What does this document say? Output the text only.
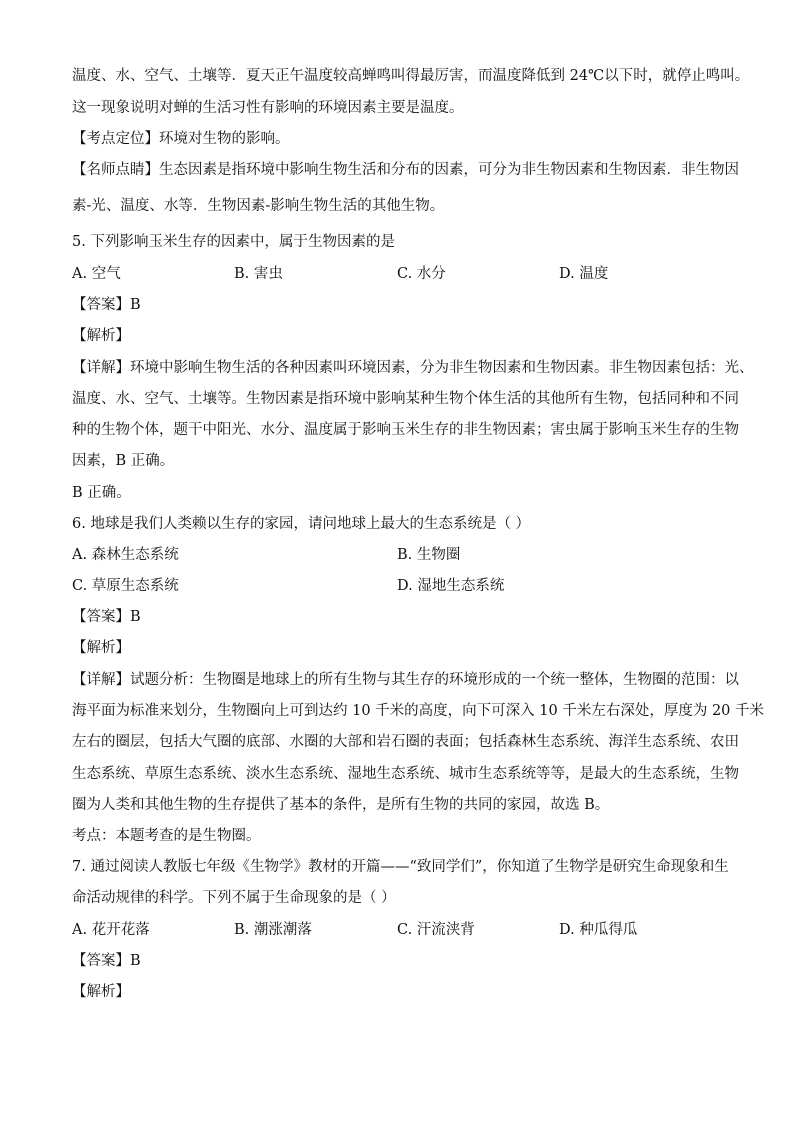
温度、水、空气、土壤等．夏天正午温度较高蝉鸣叫得最厉害，而温度降低到 24℃以下时，就停止鸣叫。
这一现象说明对蝉的生活习性有影响的环境因素主要是温度。
【考点定位】环境对生物的影响。
【名师点睛】生态因素是指环境中影响生物生活和分布的因素，可分为非生物因素和生物因素．非生物因
素-光、温度、水等．生物因素-影响生物生活的其他生物。
5. 下列影响玉米生存的因素中，属于生物因素的是
A. 空气	B. 害虫	C. 水分	D. 温度
【答案】B
【解析】
【详解】环境中影响生物生活的各种因素叫环境因素，分为非生物因素和生物因素。非生物因素包括：光、
温度、水、空气、土壤等。生物因素是指环境中影响某种生物个体生活的其他所有生物，包括同种和不同
种的生物个体，题干中阳光、水分、温度属于影响玉米生存的非生物因素；害虫属于影响玉米生存的生物
因素，B 正确。
B 正确。
6. 地球是我们人类赖以生存的家园，请问地球上最大的生态系统是（ ）
A. 森林生态系统	B. 生物圈
C. 草原生态系统	D. 湿地生态系统
【答案】B
【解析】
【详解】试题分析：生物圈是地球上的所有生物与其生存的环境形成的一个统一整体，生物圈的范围：以
海平面为标准来划分，生物圈向上可到达约 10 千米的高度，向下可深入 10 千米左右深处，厚度为 20 千米
左右的圈层，包括大气圈的底部、水圈的大部和岩石圈的表面；包括森林生态系统、海洋生态系统、农田
生态系统、草原生态系统、淡水生态系统、湿地生态系统、城市生态系统等等，是最大的生态系统，生物
圈为人类和其他生物的生存提供了基本的条件，是所有生物的共同的家园，故选 B。
考点：本题考查的是生物圈。
7. 通过阅读人教版七年级《生物学》教材的开篇——“致同学们”，你知道了生物学是研究生命现象和生
命活动规律的科学。下列不属于生命现象的是（ ）
A. 花开花落	B. 潮涨潮落	C. 汗流浃背	D. 种瓜得瓜
【答案】B
【解析】
